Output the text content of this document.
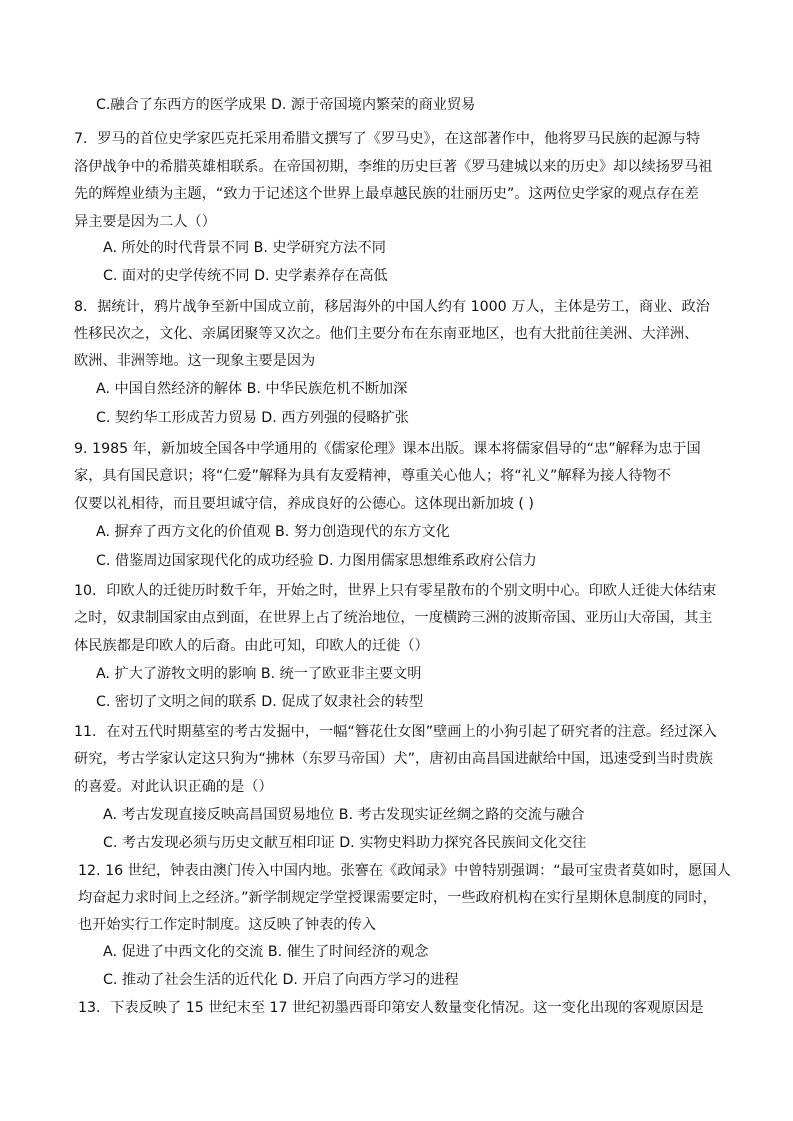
C.融合了东西方的医学成果 D. 源于帝国境内繁荣的商业贸易
7．罗马的首位史学家匹克托采用希腊文撰写了《罗马史》，在这部著作中，他将罗马民族的起源与特
洛伊战争中的希腊英雄相联系。在帝国初期，李维的历史巨著《罗马建城以来的历史》却以续扬罗马祖
先的辉煌业绩为主题，“致力于记述这个世界上最卓越民族的壮丽历史”。这两位史学家的观点存在差
异主要是因为二人（）
A. 所处的时代背景不同 B. 史学研究方法不同
C. 面对的史学传统不同 D. 史学素养存在高低
8．据统计，鸦片战争至新中国成立前，移居海外的中国人约有 1000 万人，主体是劳工，商业、政治
性移民次之，文化、亲属团聚等又次之。他们主要分布在东南亚地区，也有大批前往美洲、大洋洲、
欧洲、非洲等地。这一现象主要是因为
A. 中国自然经济的解体 B. 中华民族危机不断加深
C. 契约华工形成苦力贸易 D. 西方列强的侵略扩张
9. 1985 年，新加坡全国各中学通用的《儒家伦理》课本出版。课本将儒家倡导的“忠”解释为忠于国
家，具有国民意识；将“仁爱”解释为具有友爱精神，尊重关心他人；将“礼义”解释为接人待物不
仅要以礼相待，而且要坦诚守信，养成良好的公德心。这体现出新加坡 ( )
A. 摒弃了西方文化的价值观 B. 努力创造现代的东方文化
C. 借鉴周边国家现代化的成功经验 D. 力图用儒家思想维系政府公信力
10．印欧人的迁徙历时数千年，开始之时，世界上只有零星散布的个别文明中心。印欧人迁徙大体结束
之时，奴隶制国家由点到面，在世界上占了统治地位，一度横跨三洲的波斯帝国、亚历山大帝国，其主
体民族都是印欧人的后裔。由此可知，印欧人的迁徙（）
A. 扩大了游牧文明的影响 B. 统一了欧亚非主要文明
C. 密切了文明之间的联系 D. 促成了奴隶社会的转型
11．在对五代时期墓室的考古发掘中，一幅“簪花仕女图”壁画上的小狗引起了研究者的注意。经过深入
研究，考古学家认定这只狗为“拂林（东罗马帝国）犬”，唐初由高昌国进献给中国，迅速受到当时贵族
的喜爱。对此认识正确的是（）
A. 考古发现直接反映高昌国贸易地位 B. 考古发现实证丝绸之路的交流与融合
C. 考古发现必须与历史文献互相印证 D. 实物史料助力探究各民族间文化交往
12. 16 世纪，钟表由澳门传入中国内地。张謇在《政闻录》中曾特别强调：“最可宝贵者莫如时，愿国人
均奋起力求时间上之经济。”新学制规定学堂授课需要定时，一些政府机构在实行星期休息制度的同时，
也开始实行工作定时制度。这反映了钟表的传入
A. 促进了中西文化的交流 B. 催生了时间经济的观念
C. 推动了社会生活的近代化 D. 开启了向西方学习的进程
13．下表反映了 15 世纪末至 17 世纪初墨西哥印第安人数量变化情况。这一变化出现的客观原因是
